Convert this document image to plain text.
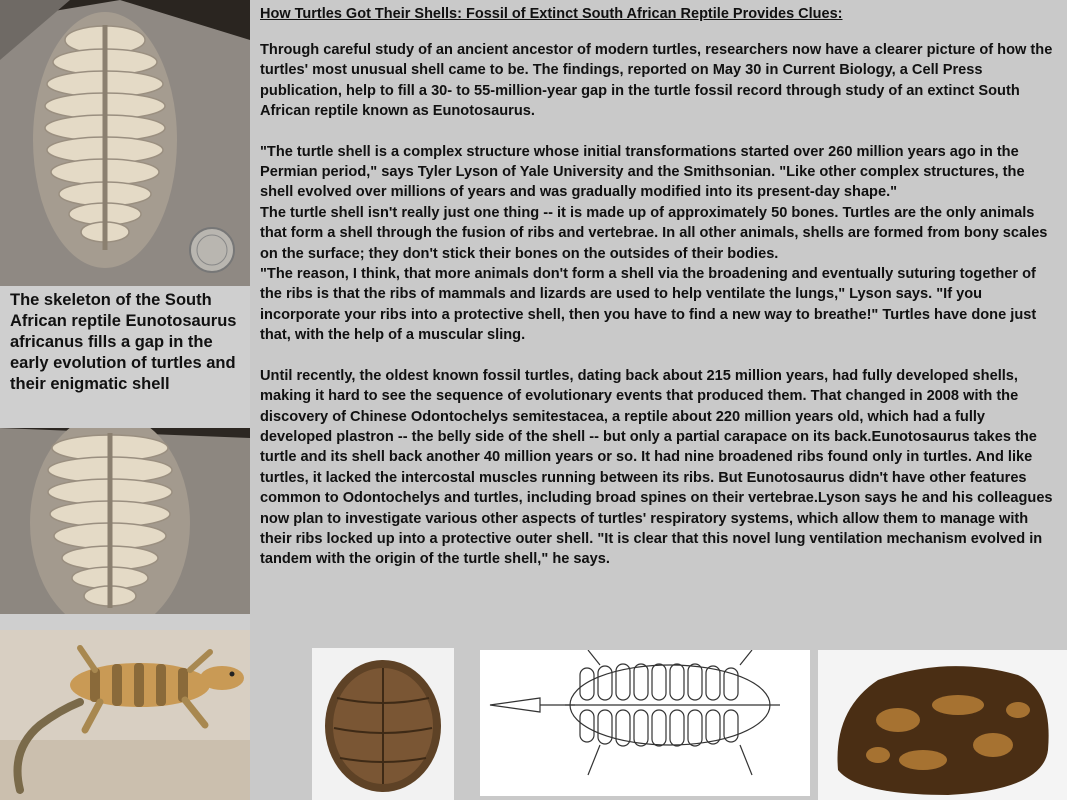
The skeleton of the South African reptile Eunotosaurus africanus fills a gap in the early evolution of turtles and their enigmatic shell
How Turtles Got Their Shells: Fossil of Extinct South African Reptile Provides Clues:

Through careful study of an ancient ancestor of modern turtles, researchers now have a clearer picture of how the turtles' most unusual shell came to be. The findings, reported on May 30 in Current Biology, a Cell Press publication, help to fill a 30- to 55-million-year gap in the turtle fossil record through study of an extinct South African reptile known as Eunotosaurus.

"The turtle shell is a complex structure whose initial transformations started over 260 million years ago in the Permian period," says Tyler Lyson of Yale University and the Smithsonian. "Like other complex structures, the shell evolved over millions of years and was gradually modified into its present-day shape."

The turtle shell isn't really just one thing -- it is made up of approximately 50 bones. Turtles are the only animals that form a shell through the fusion of ribs and vertebrae. In all other animals, shells are formed from bony scales on the surface; they don't stick their bones on the outsides of their bodies.

"The reason, I think, that more animals don't form a shell via the broadening and eventually suturing together of the ribs is that the ribs of mammals and lizards are used to help ventilate the lungs," Lyson says. "If you incorporate your ribs into a protective shell, then you have to find a new way to breathe!" Turtles have done just that, with the help of a muscular sling.

Until recently, the oldest known fossil turtles, dating back about 215 million years, had fully developed shells, making it hard to see the sequence of evolutionary events that produced them. That changed in 2008 with the discovery of Chinese Odontochelys semitestacea, a reptile about 220 million years old, which had a fully developed plastron -- the belly side of the shell -- but only a partial carapace on its back.Eunotosaurus takes the turtle and its shell back another 40 million years or so. It had nine broadened ribs found only in turtles. And like turtles, it lacked the intercostal muscles running between its ribs. But Eunotosaurus didn't have other features common to Odontochelys and turtles, including broad spines on their vertebrae.Lyson says he and his colleagues now plan to investigate various other aspects of turtles' respiratory systems, which allow them to manage with their ribs locked up into a protective outer shell. "It is clear that this novel lung ventilation mechanism evolved in tandem with the origin of the turtle shell," he says.
